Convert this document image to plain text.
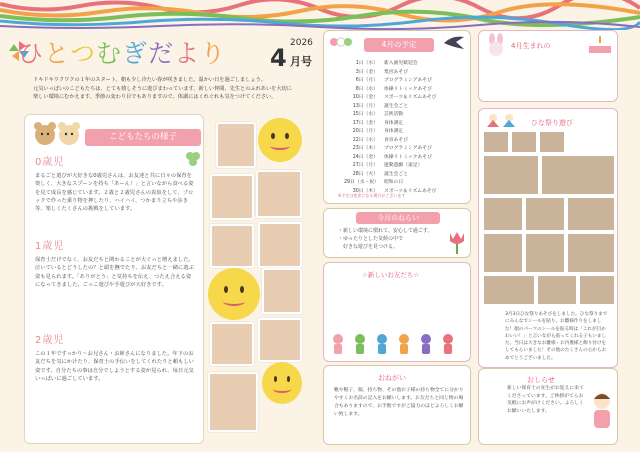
ひとつむぎだより	2026
4 月号
ドキドキワクワクの１年のスタート。朝も少し冷たい春が咲きました。温かい日を過ごしましょう。
元気いっぱいのこどもたちは、とても嬉しそうに遊びまわっています。新しい仲間、先生とのふれあいを大切に
楽しい環境にむかえます。季節の変わり目でもありますので、体調にはくれぐれも気をつけてください。
こどもたちの様子
0歳児
まるごと遊びが大好きな0歳児さんは、お友達と共に日々の保育を楽しく、大きなスプーンを持ち「あーん！」と言いながら食べる姿を見て成長を感じています。２歳と２歳児さんの真似をして、ブロックで作った乗り物を押したり、ハイハイ、つかまり立ちや歩き等、楽しくたくさんの挑戦をしています。
1歳児
保育士だけでなく、お友だちと関わることが大ぐっと増えました。泣いているとどうしたの？と頭を撫でたり、お友だちと一緒に遊ぶ姿も見られます。「ありがとう」と気持ちを伝え、つたえ合える姿になってきました。ごっこ遊びや手遊びが大好きです。
2歳児
この１年ですっかり〜お兄さん・お姉さんになりました。年下のお友だちを気にかけたり、保育士の手伝いをしてくれたりと頼もしい姿です。自分たちの事は自分でしようとする姿が見られ、毎日元気いっぱいに過ごしています。
4月の予定
1日（水） 新入園児歓迎会
3日（金） 集団あそび
6日（月） プログラミングあそび
8日（水） 体操リトミックあそび
10日（金） スポーツ＆リズムあそび
13日（月） 誕生会ごと
15日（水） 芸術活動
17日（金） 身体測定
20日（月） 身体測定
22日（水） 食育あそび
23日（木） プログラミングあそび
24日（金） 体操リトミックあそび
27日（月） 運動遊戯（遠足）
28日（火） 誕生会ごと
29日（水・祝） 昭和の日
30日（木） スポーツ＆リズムあそび
※予定は変更になる場合がございます
今月のねらい

・新しい環境に慣れて、安心して過ごす。

・ゆったりとした気候の中で

　好きな遊びを見つける。

☆新しいお友だち☆
おねがい

靴や帽子、服、持ち物、その他お子様の持ち物全てに分かりやすくお名前の記入をお願いします。お友だちと同じ物の場合もありますので、お手数ですがご協力のほどよろしくお願い致します。

4月生まれの
ひな祭り遊び

3月3日ひな祭りあそびをしました。ひな祭りまでにみんなでシールを貼り、お雛様作りをしました！顔のパーツのシールを貼る時は「これが目かわいい！」と言いながら張ってくれる子もいました。当日は大きなお雛様・お内裏様と飾り付けをしてもらいました！その他のたくさんの心からおめでとうございました。

おしらせ

新しい保育士の先生がお迎えに来てくださっています。ご挨拶がてらお気軽にお声がけください。よろしくお願いいたします。
